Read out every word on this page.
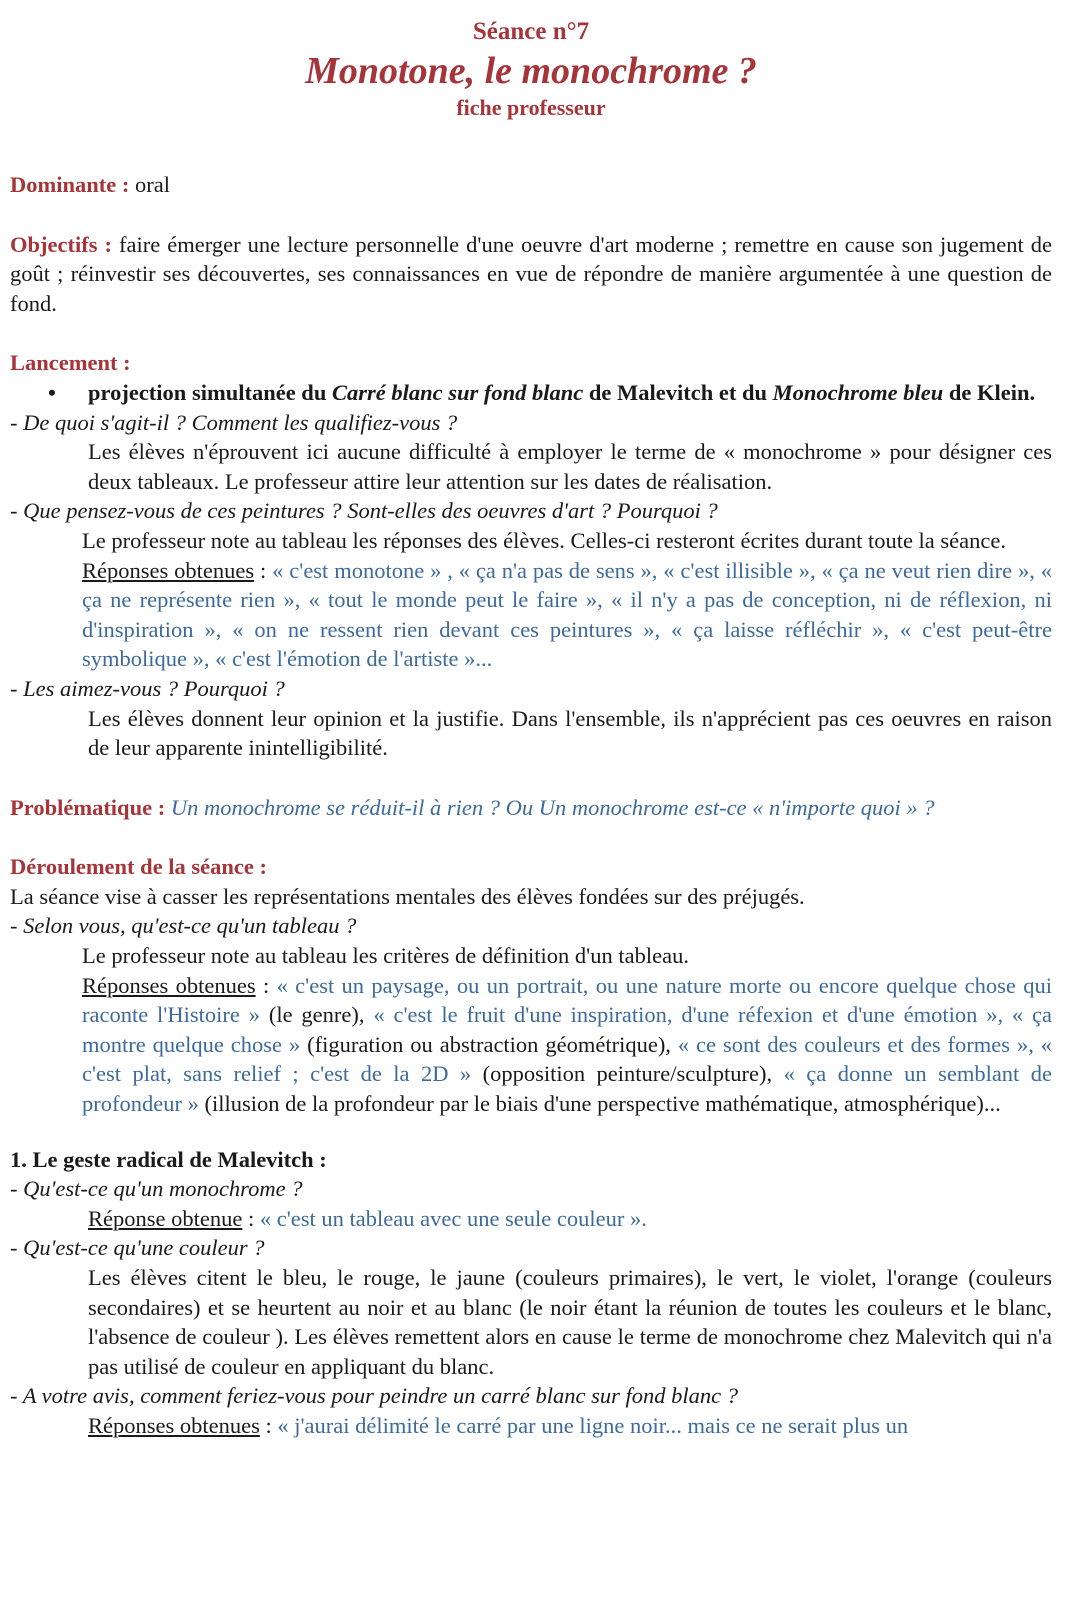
Séance n°7
Monotone, le monochrome ?
fiche professeur

Dominante : oral

Objectifs : faire émerger une lecture personnelle d'une oeuvre d'art moderne ; remettre en cause son jugement de goût ; réinvestir ses découvertes, ses connaissances en vue de répondre de manière argumentée à une question de fond.

Lancement :

• projection simultanée du Carré blanc sur fond blanc de Malevitch et du Monochrome bleu de Klein.

- De quoi s'agit-il ? Comment les qualifiez-vous ?

Les élèves n'éprouvent ici aucune difficulté à employer le terme de « monochrome » pour désigner ces deux tableaux. Le professeur attire leur attention sur les dates de réalisation.

- Que pensez-vous de ces peintures ? Sont-elles des oeuvres d'art ? Pourquoi ?

Le professeur note au tableau les réponses des élèves. Celles-ci resteront écrites durant toute la séance.

Réponses obtenues : « c'est monotone » , « ça n'a pas de sens », « c'est illisible », « ça ne veut rien dire », « ça ne représente rien », « tout le monde peut le faire », « il n'y a pas de conception, ni de réflexion, ni d'inspiration », « on ne ressent rien devant ces peintures », « ça laisse réfléchir », « c'est peut-être symbolique », « c'est l'émotion de l'artiste »...

- Les aimez-vous ? Pourquoi ?

Les élèves donnent leur opinion et la justifie. Dans l'ensemble, ils n'apprécient pas ces oeuvres en raison de leur apparente inintelligibilité.

Problématique : Un monochrome se réduit-il à rien ? Ou Un monochrome est-ce « n'importe quoi » ?

Déroulement de la séance :

La séance vise à casser les représentations mentales des élèves fondées sur des préjugés.

- Selon vous, qu'est-ce qu'un tableau ?

Le professeur note au tableau les critères de définition d'un tableau.

Réponses obtenues : « c'est un paysage, ou un portrait, ou une nature morte ou encore quelque chose qui raconte l'Histoire » (le genre), « c'est le fruit d'une inspiration, d'une réfexion et d'une émotion », « ça montre quelque chose » (figuration ou abstraction géométrique), « ce sont des couleurs et des formes », « c'est plat, sans relief ; c'est de la 2D » (opposition peinture/sculpture), « ça donne un semblant de profondeur » (illusion de la profondeur par le biais d'une perspective mathématique, atmosphérique)...

1. Le geste radical de Malevitch :

- Qu'est-ce qu'un monochrome ?

Réponse obtenue : « c'est un tableau avec une seule couleur ».

- Qu'est-ce qu'une couleur ?

Les élèves citent le bleu, le rouge, le jaune (couleurs primaires), le vert, le violet, l'orange (couleurs secondaires) et se heurtent au noir et au blanc (le noir étant la réunion de toutes les couleurs et le blanc, l'absence de couleur ). Les élèves remettent alors en cause le terme de monochrome chez Malevitch qui n'a pas utilisé de couleur en appliquant du blanc.

- A votre avis, comment feriez-vous pour peindre un carré blanc sur fond blanc ?

Réponses obtenues : « j'aurai délimité le carré par une ligne noir... mais ce ne serait plus un
